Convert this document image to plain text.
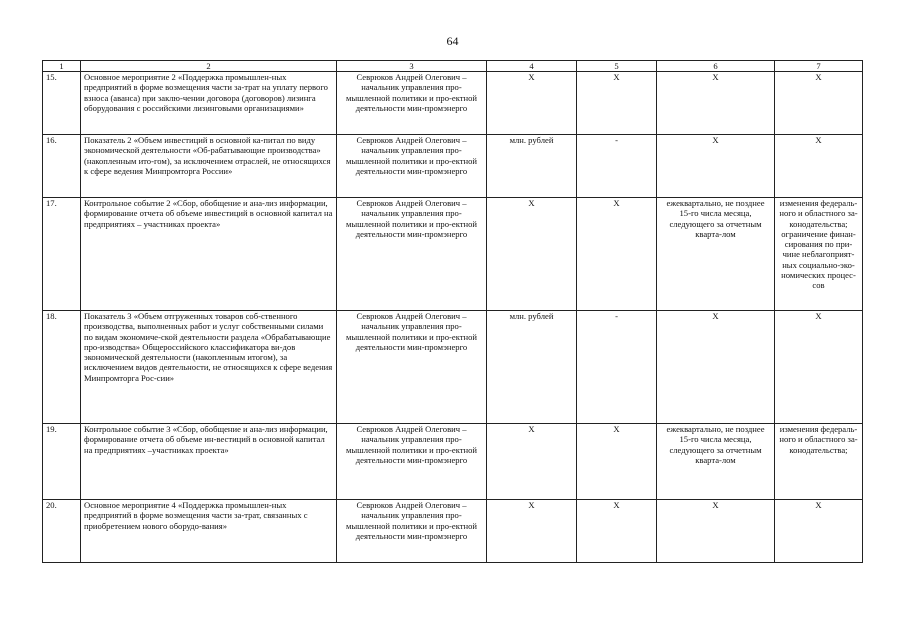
64
1	2	3	4	5	6	7
15.	Основное мероприятие 2 «Поддержка промышлен-ных предприятий в форме возмещения части за-трат на уплату первого взноса (аванса) при заклю-чении договора (договоров) лизинга оборудования с российскими лизинговыми организациями»	Севрюков Андрей Олегович – начальник управления про-мышленной политики и про-ектной деятельности мин-промэнерго	X	X	X	X
16.	Показатель 2 «Объем инвестиций в основной ка-питал по виду экономической деятельности «Об-рабатывающие производства» (накопленным ито-гом), за исключением отраслей, не относящихся к сфере ведения Минпромторга России»	Севрюков Андрей Олегович – начальник управления про-мышленной политики и про-ектной деятельности мин-промэнерго	млн. рублей	-	X	X
17.	Контрольное событие 2 «Сбор, обобщение и ана-лиз информации, формирование отчета об объеме инвестиций в основной капитал на предприятиях – участниках проекта»	Севрюков Андрей Олегович – начальник управления про-мышленной политики и про-ектной деятельности мин-промэнерго	X	X	ежеквартально, не позднее 15-го числа месяца, следующего за отчетным кварта-лом	изменения федераль-ного и областного за-конодательства; ограничение финан-сирования по при-чине неблагоприят-ных социально-эко-номических процес-сов
18.	Показатель 3 «Объем отгруженных товаров соб-ственного производства, выполненных работ и услуг собственными силами по видам экономиче-ской деятельности раздела «Обрабатывающие про-изводства» Общероссийского классификатора ви-дов экономической деятельности (накопленным итогом), за исключением видов деятельности, не относящихся к сфере ведения Минпромторга Рос-сии»	Севрюков Андрей Олегович – начальник управления про-мышленной политики и про-ектной деятельности мин-промэнерго	млн. рублей	-	X	X
19.	Контрольное событие 3 «Сбор, обобщение и ана-лиз информации, формирование отчета об объеме ин-вестиций в основной капитал на предприятиях –участниках проекта»	Севрюков Андрей Олегович – начальник управления про-мышленной политики и про-ектной деятельности мин-промэнерго	X	X	ежеквартально, не позднее 15-го числа месяца, следующего за отчетным кварта-лом	изменения федераль-ного и областного за-конодательства;
20.	Основное мероприятие 4 «Поддержка промышлен-ных предприятий в форме возмещения части за-трат, связанных с приобретением нового оборудо-вания»	Севрюков Андрей Олегович – начальник управления про-мышленной политики и про-ектной деятельности мин-промэнерго	X	X	X	X
